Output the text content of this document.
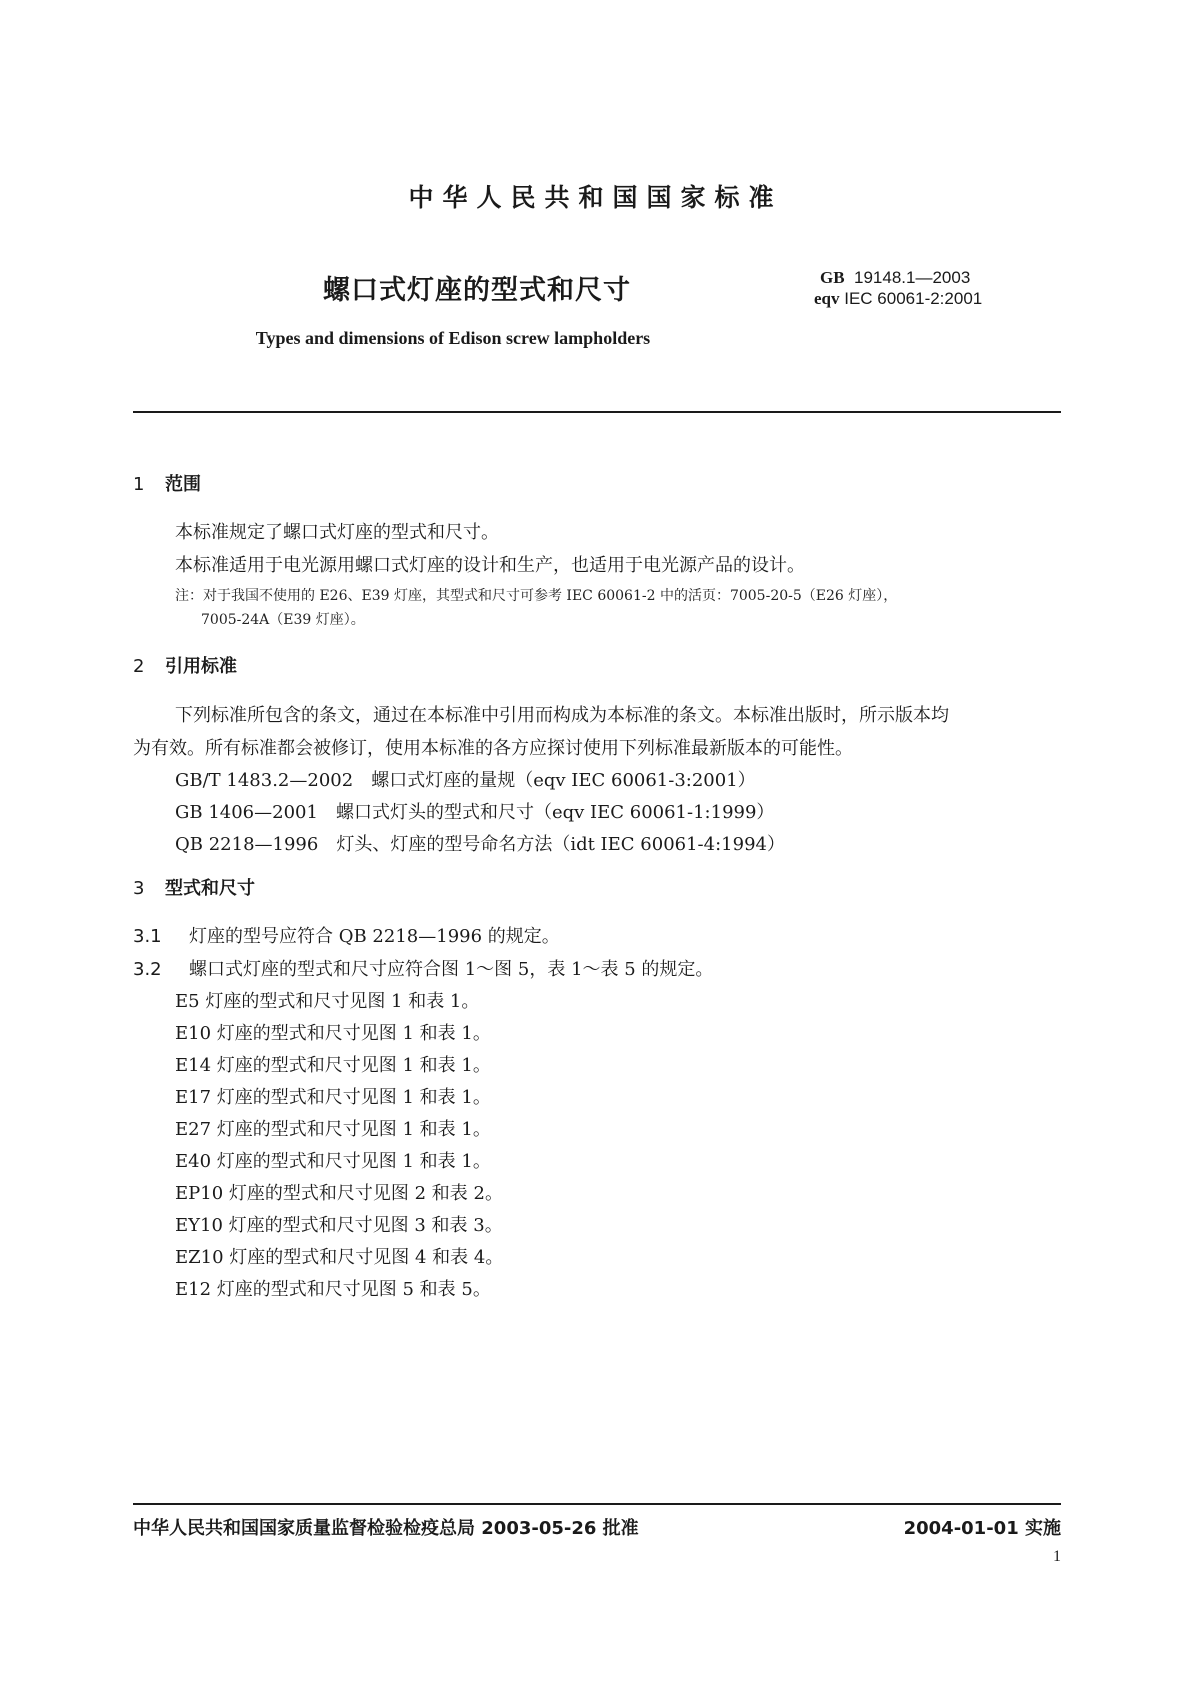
中华人民共和国国家标准
螺口式灯座的型式和尺寸	GB 19148.1—2003
eqv IEC 60061-2:2001
Types and dimensions of Edison screw lampholders
1 范围
本标准规定了螺口式灯座的型式和尺寸。
本标准适用于电光源用螺口式灯座的设计和生产，也适用于电光源产品的设计。
注：对于我国不使用的 E26、E39 灯座，其型式和尺寸可参考 IEC 60061-2 中的活页：7005-20-5（E26 灯座），
7005-24A（E39 灯座）。
2 引用标准
下列标准所包含的条文，通过在本标准中引用而构成为本标准的条文。本标准出版时，所示版本均
为有效。所有标准都会被修订，使用本标准的各方应探讨使用下列标准最新版本的可能性。
GB/T 1483.2—2002　螺口式灯座的量规（eqv IEC 60061-3:2001）
GB 1406—2001　螺口式灯头的型式和尺寸（eqv IEC 60061-1:1999）
QB 2218—1996　灯头、灯座的型号命名方法（idt IEC 60061-4:1994）
3 型式和尺寸
3.1 灯座的型号应符合 QB 2218—1996 的规定。
3.2 螺口式灯座的型式和尺寸应符合图 1～图 5，表 1～表 5 的规定。
E5 灯座的型式和尺寸见图 1 和表 1。
E10 灯座的型式和尺寸见图 1 和表 1。
E14 灯座的型式和尺寸见图 1 和表 1。
E17 灯座的型式和尺寸见图 1 和表 1。
E27 灯座的型式和尺寸见图 1 和表 1。
E40 灯座的型式和尺寸见图 1 和表 1。
EP10 灯座的型式和尺寸见图 2 和表 2。
EY10 灯座的型式和尺寸见图 3 和表 3。
EZ10 灯座的型式和尺寸见图 4 和表 4。
E12 灯座的型式和尺寸见图 5 和表 5。
中华人民共和国国家质量监督检验检疫总局 2003-05-26 批准	2004-01-01 实施
1
